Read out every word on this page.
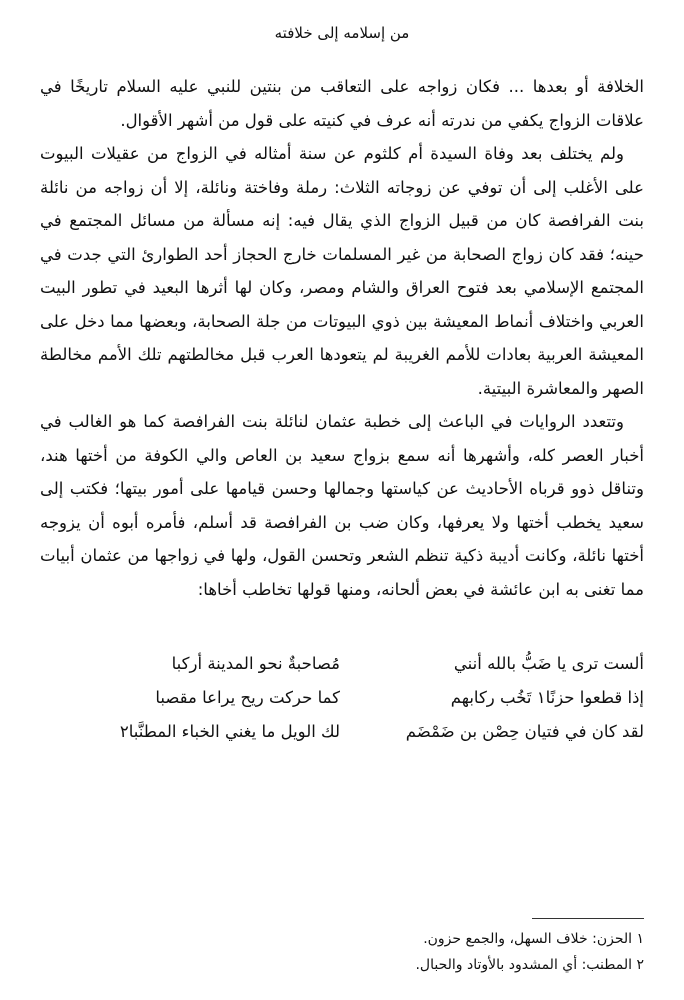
من إسلامه إلى خلافته

الخلافة أو بعدها ... فكان زواجه على التعاقب من بنتين للنبي عليه السلام تاريخًا في علاقات الزواج يكفي من ندرته أنه عرف في كنيته على قول من أشهر الأقوال.

ولم يختلف بعد وفاة السيدة أم كلثوم عن سنة أمثاله في الزواج من عقيلات البيوت على الأغلب إلى أن توفي عن زوجاته الثلاث: رملة وفاختة ونائلة، إلا أن زواجه من نائلة بنت الفرافصة كان من قبيل الزواج الذي يقال فيه: إنه مسألة من مسائل المجتمع في حينه؛ فقد كان زواج الصحابة من غير المسلمات خارج الحجاز أحد الطوارئ التي جدت في المجتمع الإسلامي بعد فتوح العراق والشام ومصر، وكان لها أثرها البعيد في تطور البيت العربي واختلاف أنماط المعيشة بين ذوي البيوتات من جلة الصحابة، وبعضها مما دخل على المعيشة العربية بعادات للأمم الغريبة لم يتعودها العرب قبل مخالطتهم تلك الأمم مخالطة الصهر والمعاشرة البيتية.

وتتعدد الروايات في الباعث إلى خطبة عثمان لنائلة بنت الفرافصة كما هو الغالب في أخبار العصر كله، وأشهرها أنه سمع بزواج سعيد بن العاص والي الكوفة من أختها هند، وتناقل ذوو قرباه الأحاديث عن كياستها وجمالها وحسن قيامها على أمور بيتها؛ فكتب إلى سعيد يخطب أختها ولا يعرفها، وكان ضب بن الفرافصة قد أسلم، فأمره أبوه أن يزوجه أختها نائلة، وكانت أديبة ذكية تنظم الشعر وتحسن القول، ولها في زواجها من عثمان أبيات مما تغنى به ابن عائشة في بعض ألحانه، ومنها قولها تخاطب أخاها:

ألست ترى يا ضَبُّ بالله أنني
مُصاحبةٌ نحو المدينة أركبا
إذا قطعوا حزنًا١ تَخُب ركابهم
كما حركت ريح يراعا مقصبا
لقد كان في فتيان حِصْن بن ضَمْضَم
لك الويل ما يغني الخباء المطنَّبا٢
١ الحزن: خلاف السهل، والجمع حزون.
٢ المطنب: أي المشدود بالأوتاد والحبال.
